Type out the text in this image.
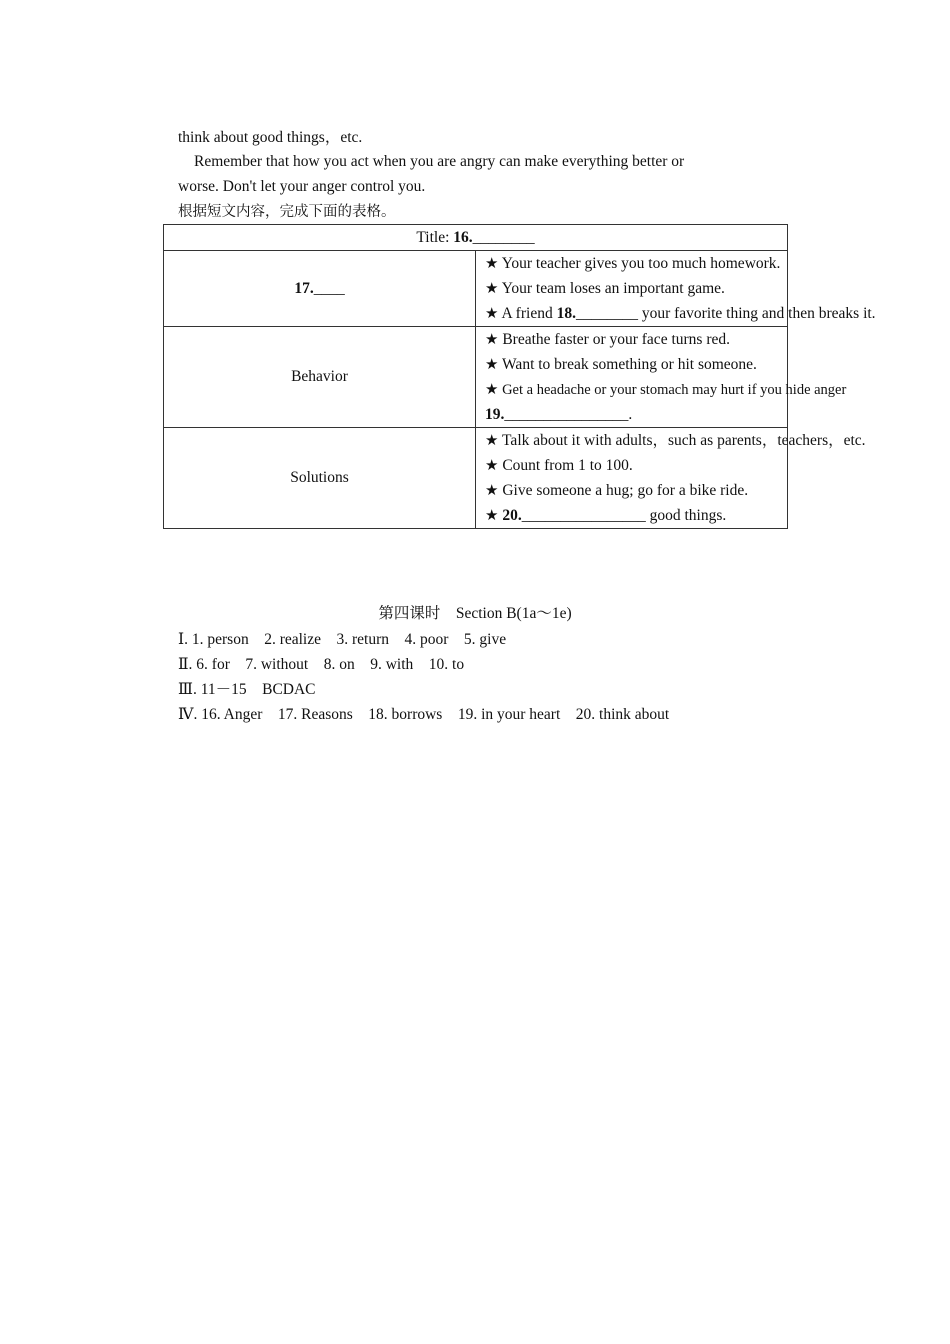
think about good things，etc.
Remember that how you act when you are angry can make everything better or
worse. Don't let your anger control you.
根据短文内容，完成下面的表格。
Title: 16.________	
17.____	★ Your teacher gives you too much homework.
★ Your team loses an important game.
★ A friend 18.________ your favorite thing and then breaks it.

Behavior	★ Breathe faster or your face turns red.
★ Want to break something or hit someone.
★ Get a headache or your stomach may hurt if you hide anger
19.________________.

Solutions	★ Talk about it with adults，such as parents，teachers，etc.
★ Count from 1 to 100.
★ Give someone a hug; go for a bike ride.
★ 20.________________ good things.
第四课时　Section B(1a～1e)
Ⅰ. 1. person　2. realize　3. return　4. poor　5. give
Ⅱ. 6. for　7. without　8. on　9. with　10. to
Ⅲ. 11－15　BCDAC
Ⅳ. 16. Anger　17. Reasons　18. borrows　19. in your heart　20. think about
